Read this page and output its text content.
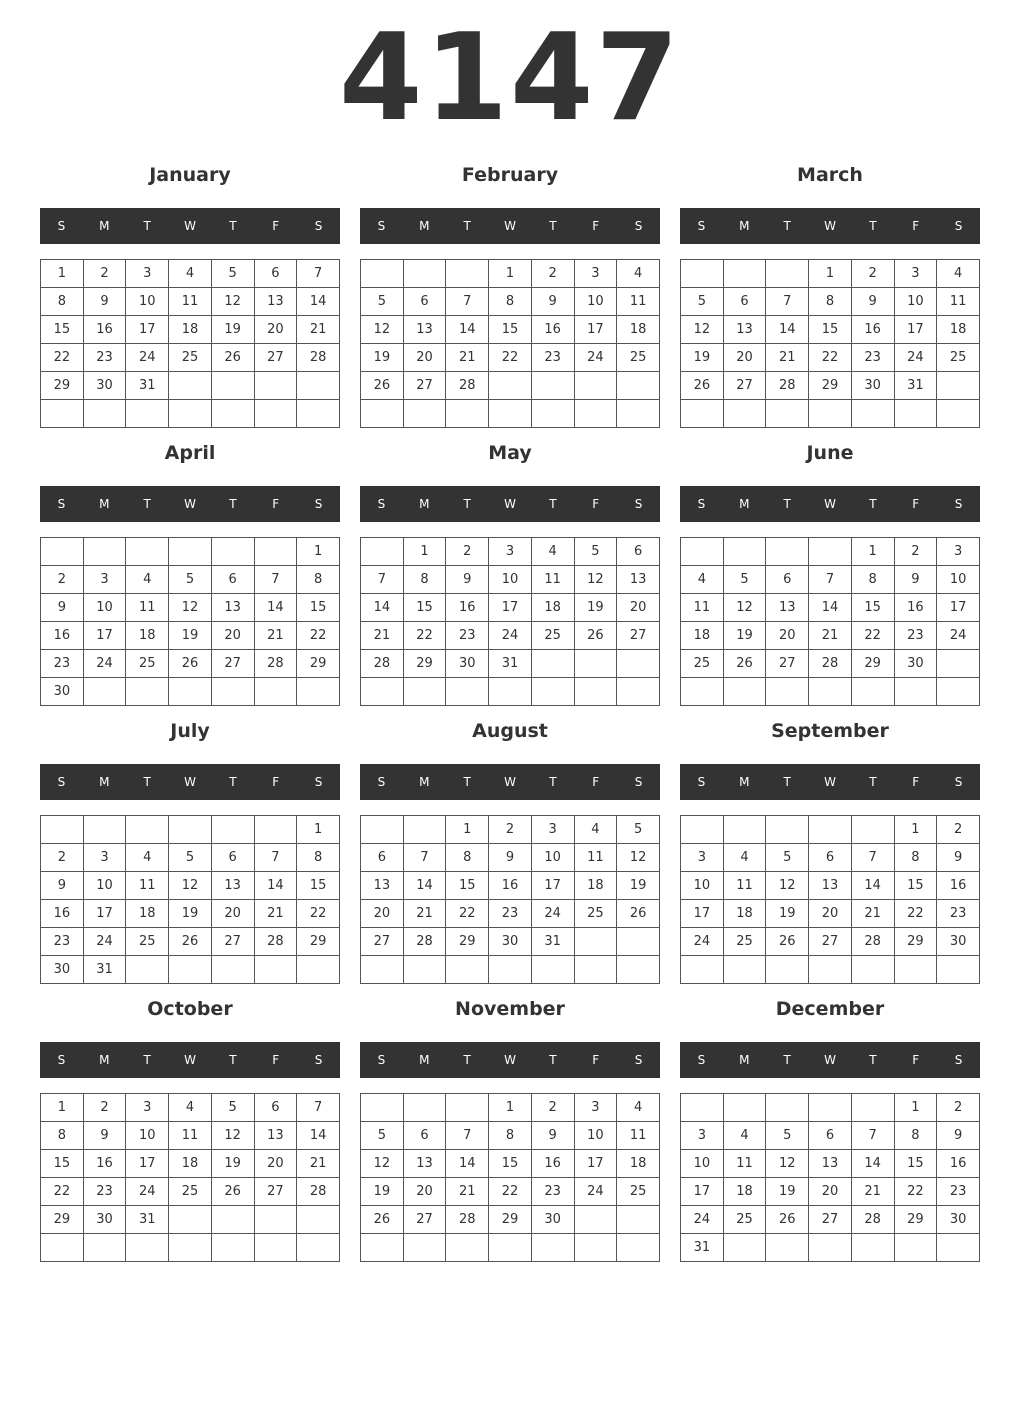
4147
January
S	M	T	W	T	F	S
1	2	3	4	5	6	7
8	9	10	11	12	13	14
15	16	17	18	19	20	21
22	23	24	25	26	27	28
29	30	31				

February
S	M	T	W	T	F	S
			1	2	3	4
5	6	7	8	9	10	11
12	13	14	15	16	17	18
19	20	21	22	23	24	25
26	27	28				

March
S	M	T	W	T	F	S
			1	2	3	4
5	6	7	8	9	10	11
12	13	14	15	16	17	18
19	20	21	22	23	24	25
26	27	28	29	30	31	

April
S	M	T	W	T	F	S
						1
2	3	4	5	6	7	8
9	10	11	12	13	14	15
16	17	18	19	20	21	22
23	24	25	26	27	28	29
30						
May
S	M	T	W	T	F	S
	1	2	3	4	5	6
7	8	9	10	11	12	13
14	15	16	17	18	19	20
21	22	23	24	25	26	27
28	29	30	31			

June
S	M	T	W	T	F	S
				1	2	3
4	5	6	7	8	9	10
11	12	13	14	15	16	17
18	19	20	21	22	23	24
25	26	27	28	29	30	

July
S	M	T	W	T	F	S
						1
2	3	4	5	6	7	8
9	10	11	12	13	14	15
16	17	18	19	20	21	22
23	24	25	26	27	28	29
30	31					
August
S	M	T	W	T	F	S
		1	2	3	4	5
6	7	8	9	10	11	12
13	14	15	16	17	18	19
20	21	22	23	24	25	26
27	28	29	30	31		

September
S	M	T	W	T	F	S
					1	2
3	4	5	6	7	8	9
10	11	12	13	14	15	16
17	18	19	20	21	22	23
24	25	26	27	28	29	30

October
S	M	T	W	T	F	S
1	2	3	4	5	6	7
8	9	10	11	12	13	14
15	16	17	18	19	20	21
22	23	24	25	26	27	28
29	30	31				

November
S	M	T	W	T	F	S
			1	2	3	4
5	6	7	8	9	10	11
12	13	14	15	16	17	18
19	20	21	22	23	24	25
26	27	28	29	30		

December
S	M	T	W	T	F	S
					1	2
3	4	5	6	7	8	9
10	11	12	13	14	15	16
17	18	19	20	21	22	23
24	25	26	27	28	29	30
31						
